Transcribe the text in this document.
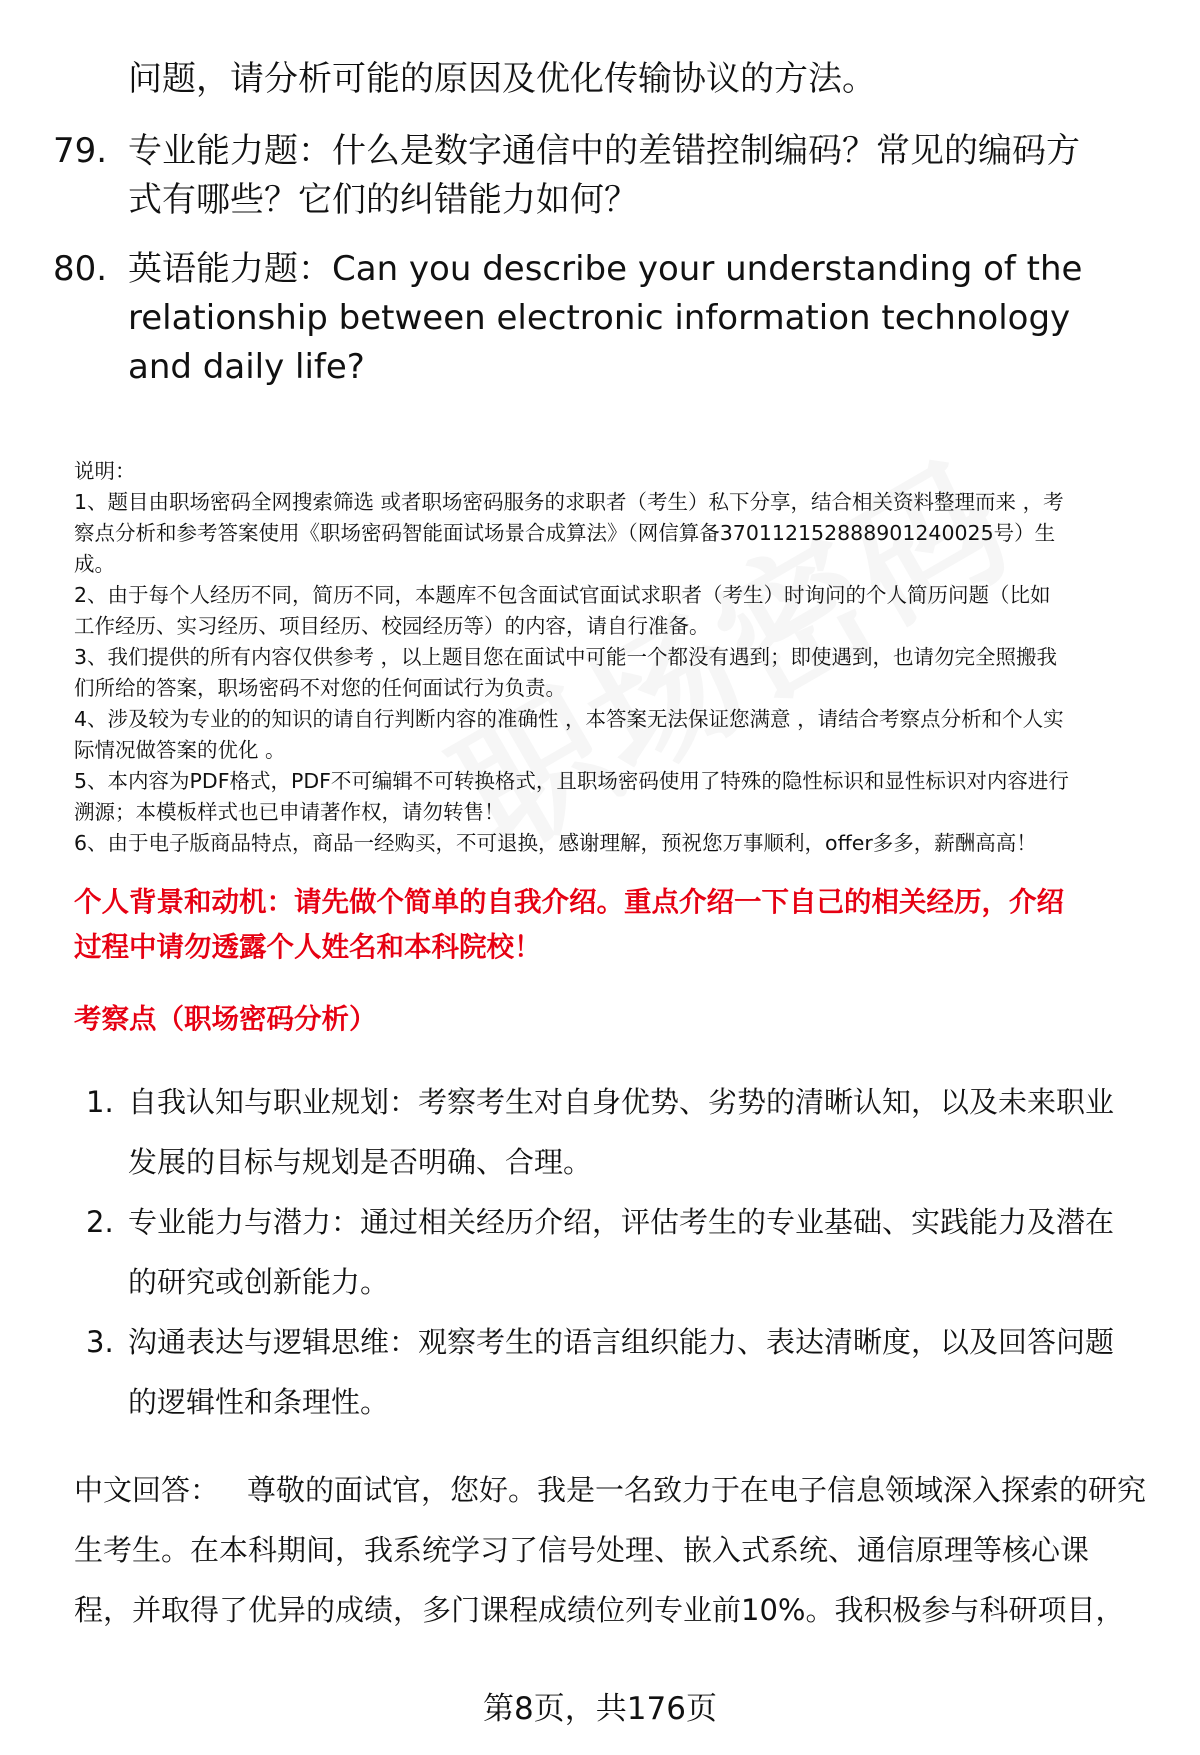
问题，请分析可能的原因及优化传输协议的方法。
79. 专业能力题：什么是数字通信中的差错控制编码？常见的编码方
式有哪些？它们的纠错能力如何？
80. 英语能力题：Can you describe your understanding of the
relationship between electronic information technology
and daily life?

说明：

1、题目由职场密码全网搜索筛选 或者职场密码服务的求职者（考生）私下分享，结合相关资料整理而来 ，考

察点分析和参考答案使用《职场密码智能面试场景合成算法》（网信算备370112152888901240025号）生

成。

2、由于每个人经历不同，简历不同，本题库不包含面试官面试求职者（考生）时询问的个人简历问题（比如

工作经历、实习经历、项目经历、校园经历等）的内容，请自行准备。

3、我们提供的所有内容仅供参考 ，以上题目您在面试中可能一个都没有遇到；即使遇到，也请勿完全照搬我

们所给的答案，职场密码不对您的任何面试行为负责。

4、涉及较为专业的的知识的请自行判断内容的准确性 ，本答案无法保证您满意 ，请结合考察点分析和个人实

际情况做答案的优化 。

5、本内容为PDF格式，PDF不可编辑不可转换格式，且职场密码使用了特殊的隐性标识和显性标识对内容进行

溯源；本模板样式也已申请著作权，请勿转售！

6、由于电子版商品特点，商品一经购买，不可退换，感谢理解，预祝您万事顺利，offer多多，薪酬高高！

个人背景和动机：请先做个简单的自我介绍。重点介绍一下自己的相关经历，介绍
过程中请勿透露个人姓名和本科院校！
考察点（职场密码分析）
1. 自我认知与职业规划：考察考生对自身优势、劣势的清晰认知，以及未来职业
发展的目标与规划是否明确、合理。
2. 专业能力与潜力：通过相关经历介绍，评估考生的专业基础、实践能力及潜在
的研究或创新能力。
3. 沟通表达与逻辑思维：观察考生的语言组织能力、表达清晰度，以及回答问题
的逻辑性和条理性。
中文回答： 尊敬的面试官，您好。我是一名致力于在电子信息领域深入探索的研究
生考生。在本科期间，我系统学习了信号处理、嵌入式系统、通信原理等核心课
程，并取得了优异的成绩，多门课程成绩位列专业前10%。我积极参与科研项目，
第8页，共176页
